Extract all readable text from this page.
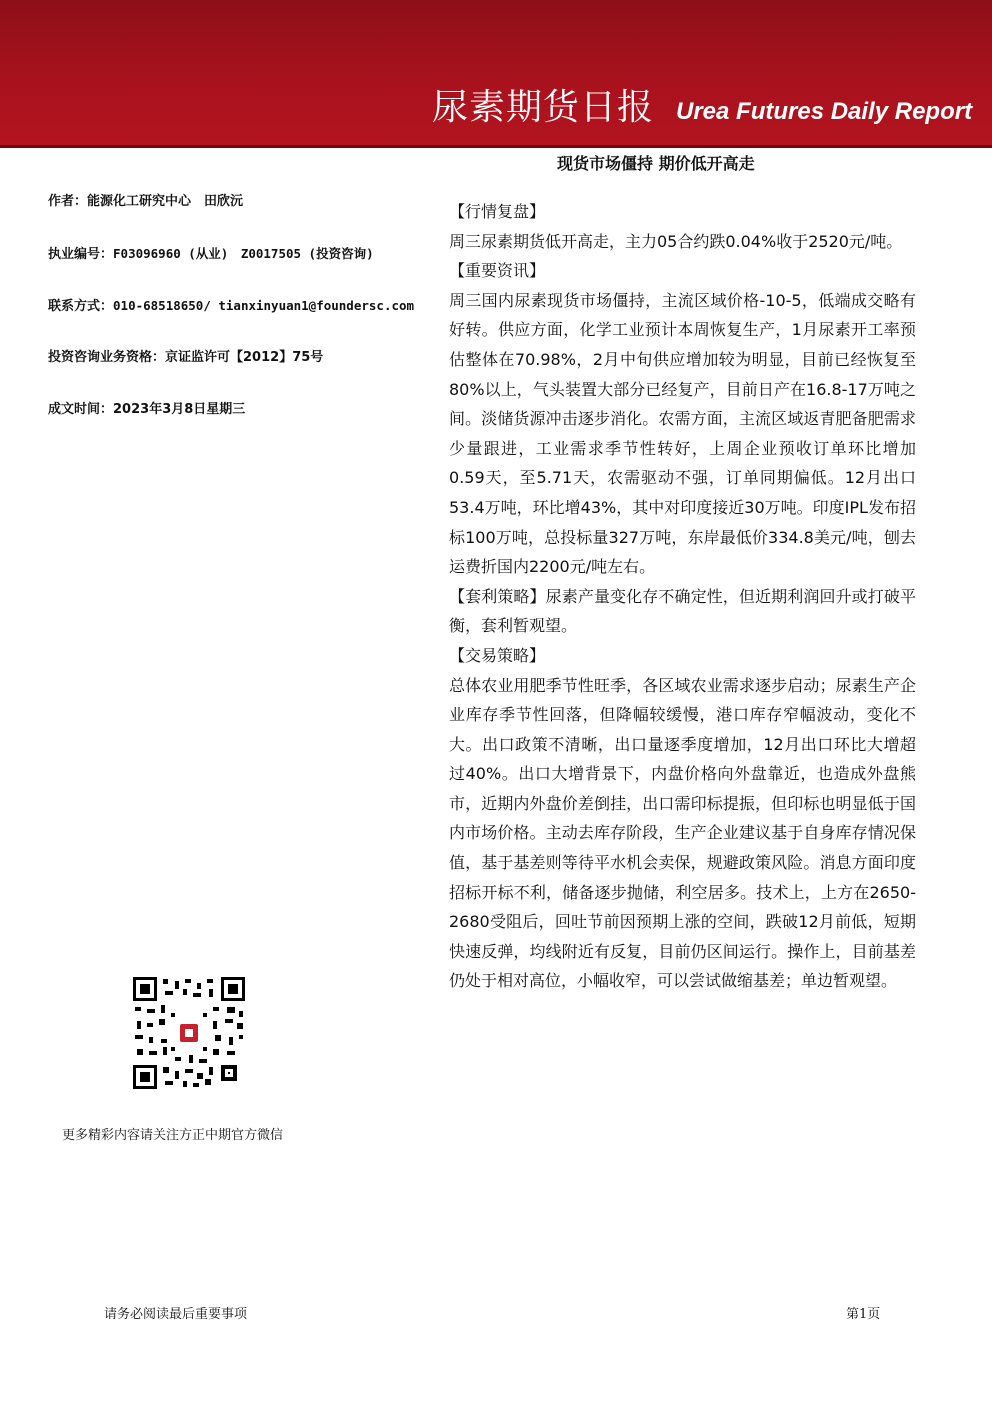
尿素期货日报 Urea Futures Daily Report
现货市场僵持 期价低开高走
作者：能源化工研究中心　田欣沅
执业编号：F03096960 (从业)　Z0017505 (投资咨询)
联系方式：010-68518650/ tianxinyuan1@foundersc.com
投资咨询业务资格：京证监许可【2012】75号
成文时间：2023年3月8日星期三

【行情复盘】

周三尿素期货低开高走，主力05合约跌0.04%收于2520元/吨。

【重要资讯】

周三国内尿素现货市场僵持，主流区域价格-10-5，低端成交略有好转。供应方面，化学工业预计本周恢复生产，1月尿素开工率预估整体在70.98%，2月中旬供应增加较为明显，目前已经恢复至80%以上，气头装置大部分已经复产，目前日产在16.8-17万吨之间。淡储货源冲击逐步消化。农需方面，主流区域返青肥备肥需求少量跟进，工业需求季节性转好，上周企业预收订单环比增加0.59天，至5.71天，农需驱动不强，订单同期偏低。12月出口53.4万吨，环比增43%，其中对印度接近30万吨。印度IPL发布招标100万吨，总投标量327万吨，东岸最低价334.8美元/吨，刨去运费折国内2200元/吨左右。

【套利策略】尿素产量变化存不确定性，但近期利润回升或打破平衡，套利暂观望。

【交易策略】

总体农业用肥季节性旺季，各区域农业需求逐步启动；尿素生产企业库存季节性回落，但降幅较缓慢，港口库存窄幅波动，变化不大。出口政策不清晰，出口量逐季度增加，12月出口环比大增超过40%。出口大增背景下，内盘价格向外盘靠近，也造成外盘熊市，近期内外盘价差倒挂，出口需印标提振，但印标也明显低于国内市场价格。主动去库存阶段，生产企业建议基于自身库存情况保值，基于基差则等待平水机会卖保，规避政策风险。消息方面印度招标开标不利，储备逐步抛储，利空居多。技术上，上方在2650-2680受阻后，回吐节前因预期上涨的空间，跌破12月前低，短期快速反弹，均线附近有反复，目前仍区间运行。操作上，目前基差仍处于相对高位，小幅收窄，可以尝试做缩基差；单边暂观望。

更多精彩内容请关注方正中期官方微信
请务必阅读最后重要事项	第1页
